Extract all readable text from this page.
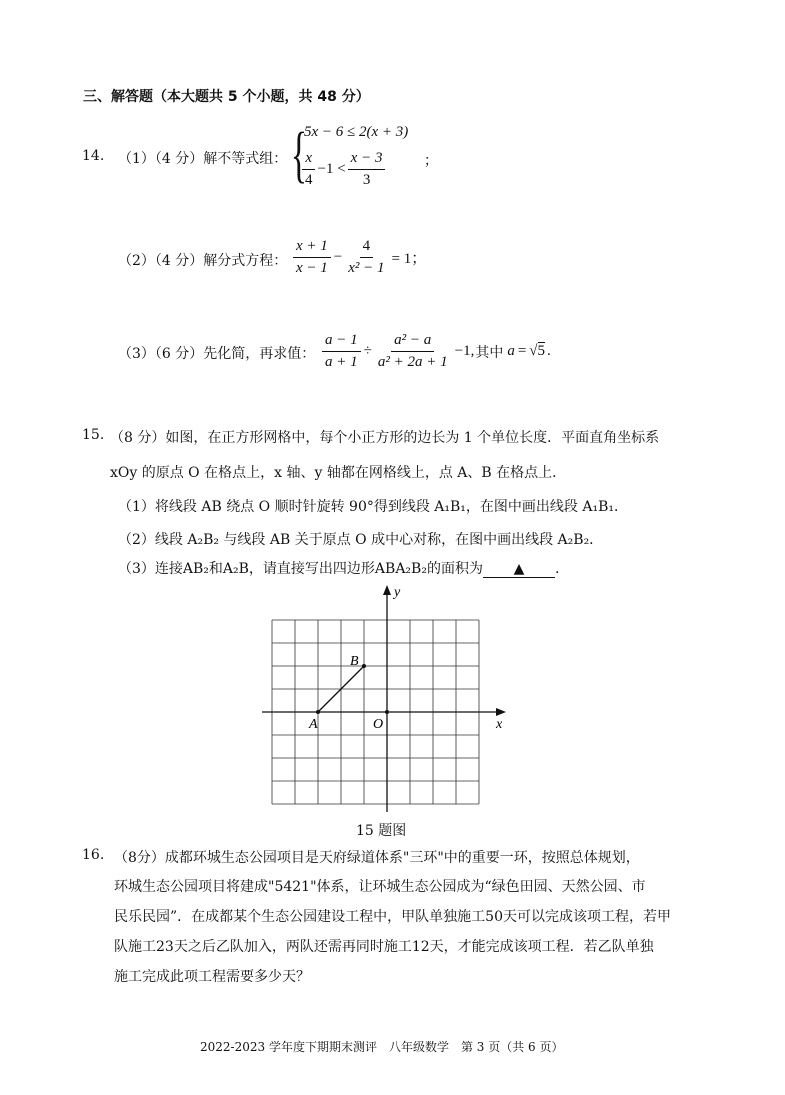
三、解答题（本大题共 5 个小题，共 48 分）
14. （1）（4 分）解不等式组： {
5x − 6 ≤ 2(x + 3)
$\frac{x}{4} -1 < \frac{x - 3}{3}$	；
（2）（4 分）解分式方程： $\frac{x + 1}{x - 1} - \frac{4}{\text{x² − 1}} = 1$；
（3）（6 分）先化简，再求值： $\frac{a - 1}{a + 1} \div \frac{\text{a² − a}}{\text{a² + 2a + 1}} -1$, 其中 a = √5 .
15. （8 分）如图，在正方形网格中，每个小正方形的边长为 1 个单位长度．平面直角坐标系
xOy 的原点 O 在格点上，x 轴、y 轴都在网格线上，点 A、B 在格点上．
（1）将线段 AB 绕点 O 顺时针旋转 90°得到线段 A₁B₁，在图中画出线段 A₁B₁．
（2）线段 A₂B₂ 与线段 AB 关于原点 O 成中心对称，在图中画出线段 A₂B₂．
（3）连接AB₂和A₂B，请直接写出四边形ABA₂B₂的面积为 ▲ .
y
x
A
B
O
15 题图
16. （8分）成都环城生态公园项目是天府绿道体系"三环"中的重要一环，按照总体规划，
环城生态公园项目将建成"5421"体系，让环城生态公园成为“绿色田园、天然公园、市
民乐民园”．在成都某个生态公园建设工程中，甲队单独施工50天可以完成该项工程，若甲
队施工23天之后乙队加入，两队还需再同时施工12天，才能完成该项工程．若乙队单独
施工完成此项工程需要多少天？
2022-2023 学年度下期期末测评　八年级数学　第 3 页（共 6 页）
